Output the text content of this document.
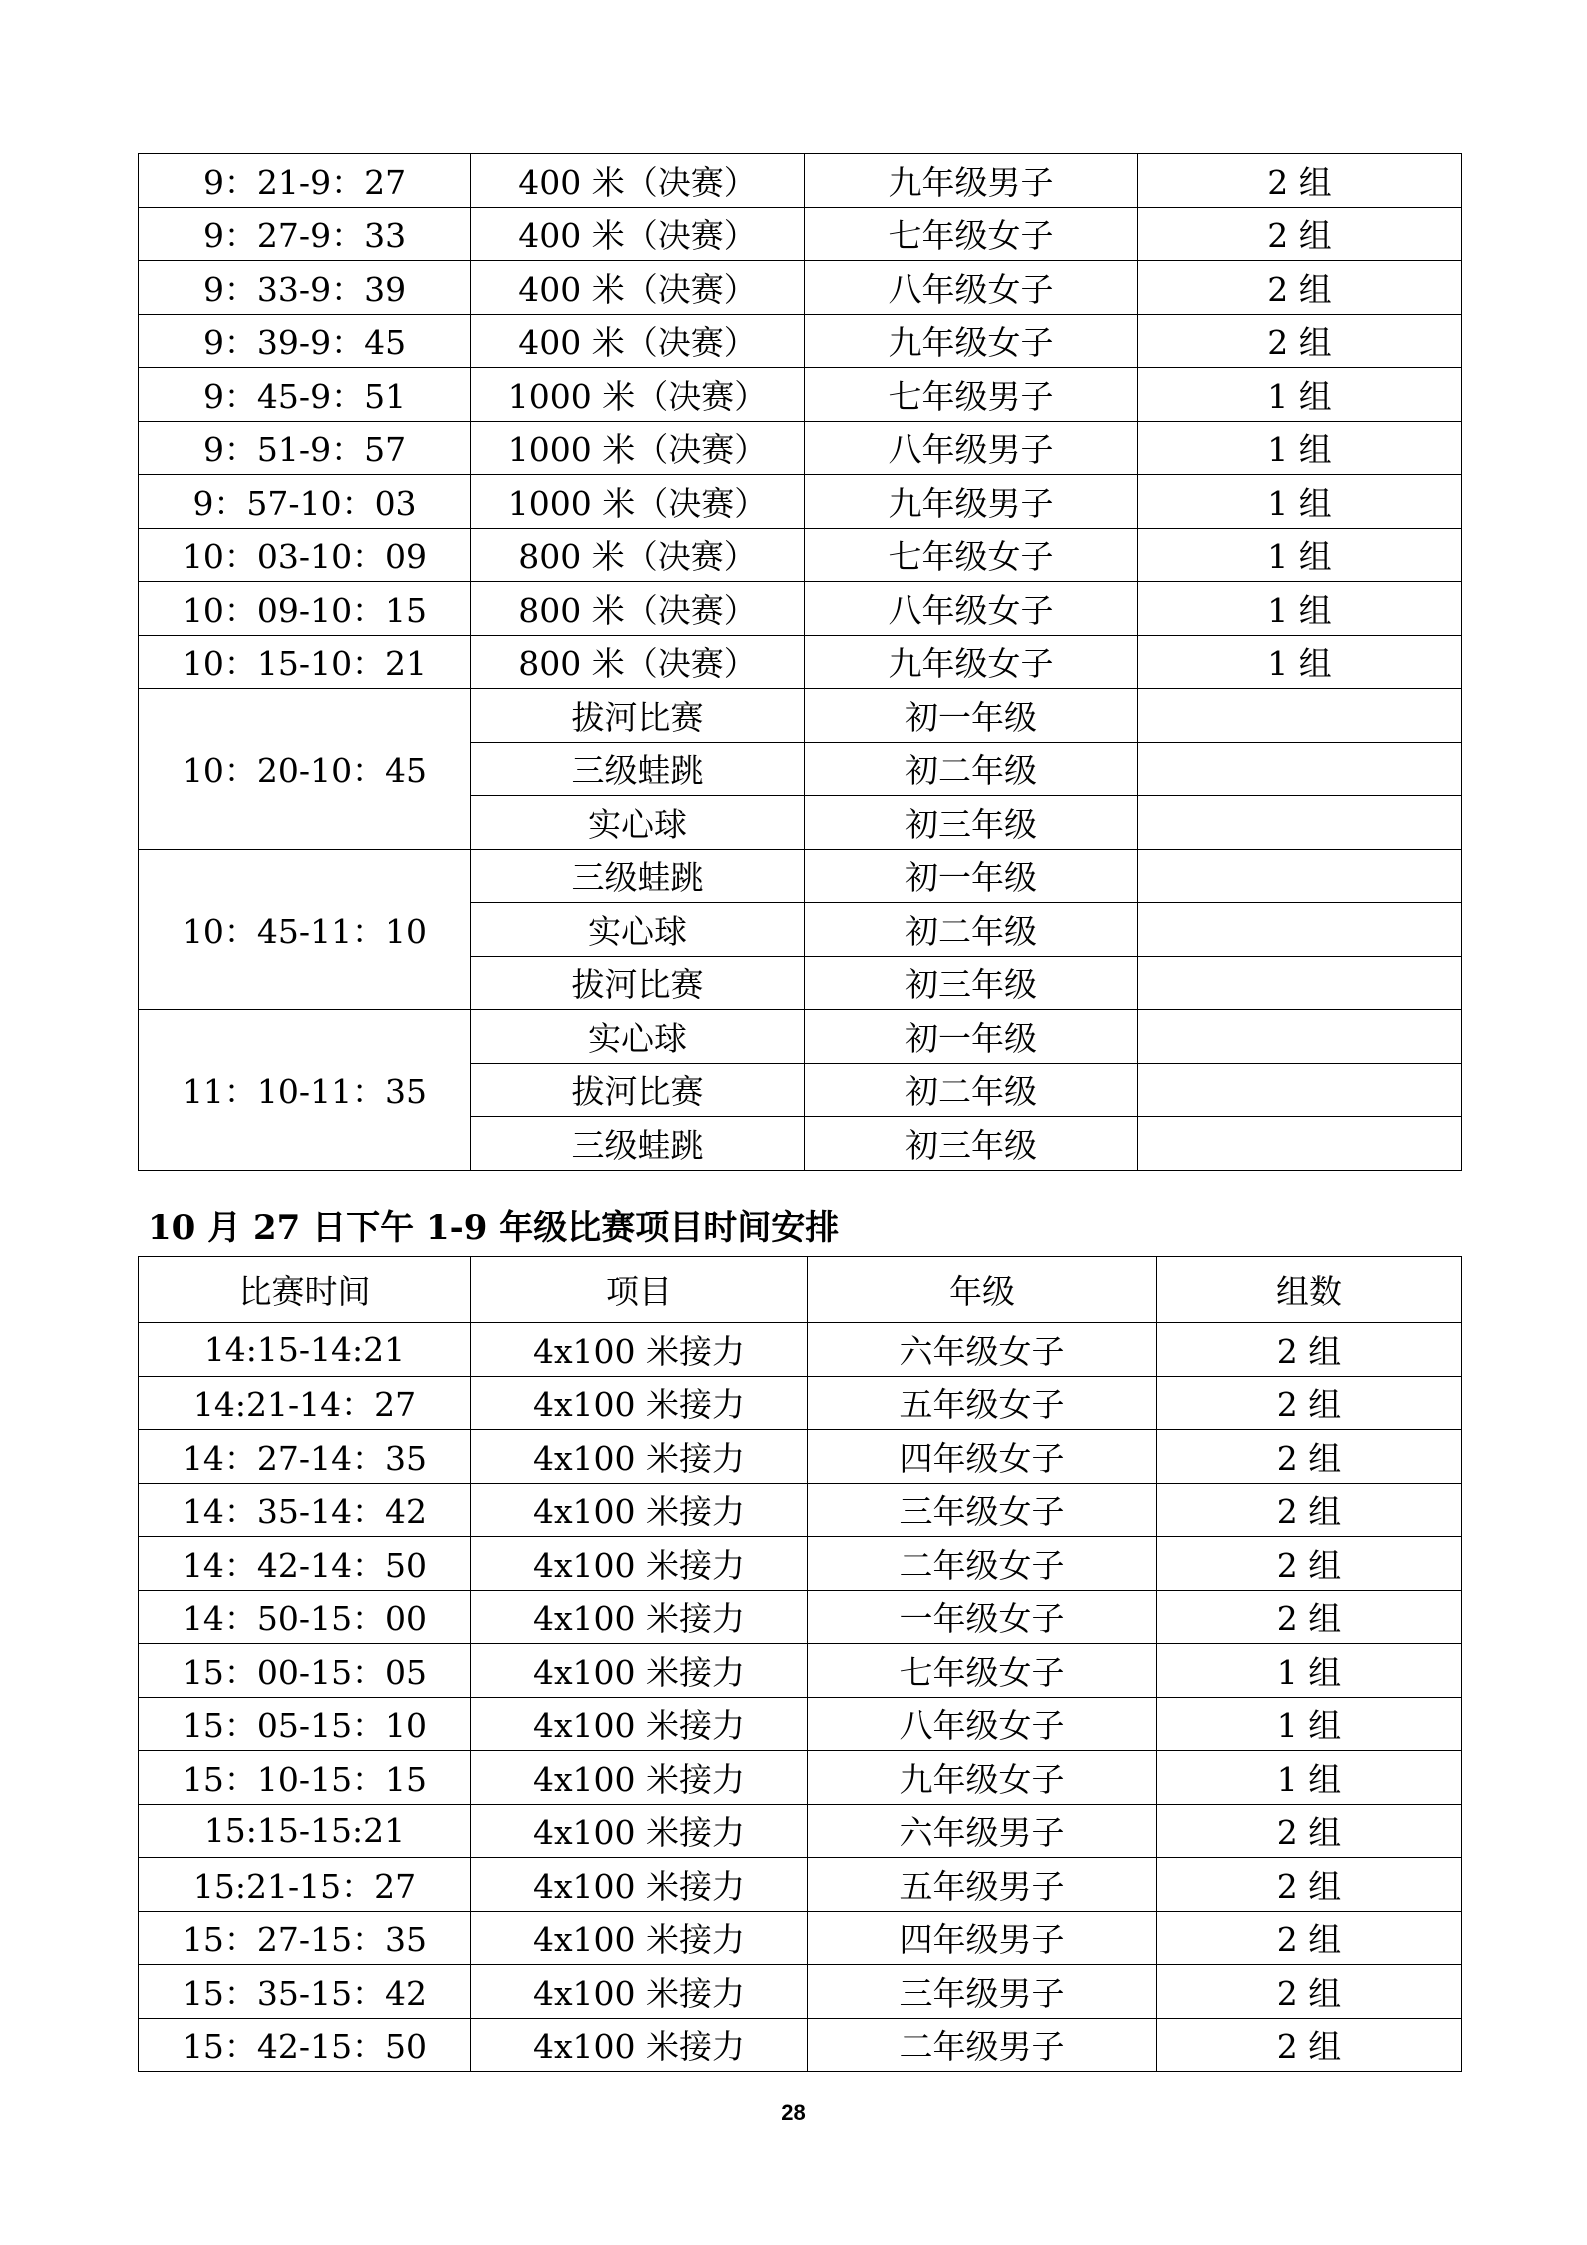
9：21-9：27	400 米（决赛）	九年级男子	2 组
9：27-9：33	400 米（决赛）	七年级女子	2 组
9：33-9：39	400 米（决赛）	八年级女子	2 组
9：39-9：45	400 米（决赛）	九年级女子	2 组
9：45-9：51	1000 米（决赛）	七年级男子	1 组
9：51-9：57	1000 米（决赛）	八年级男子	1 组
9：57-10：03	1000 米（决赛）	九年级男子	1 组
10：03-10：09	800 米（决赛）	七年级女子	1 组
10：09-10：15	800 米（决赛）	八年级女子	1 组
10：15-10：21	800 米（决赛）	九年级女子	1 组
10：20-10：45	拔河比赛	初一年级	
	三级蛙跳	初二年级	
	实心球	初三年级	
10：45-11：10	三级蛙跳	初一年级	
	实心球	初二年级	
	拔河比赛	初三年级	
11：10-11：35	实心球	初一年级	
	拔河比赛	初二年级	
	三级蛙跳	初三年级	
10 月 27 日下午 1-9 年级比赛项目时间安排
比赛时间	项目	年级	组数
14:15-14:21	4x100 米接力	六年级女子	2 组
14:21-14：27	4x100 米接力	五年级女子	2 组
14：27-14：35	4x100 米接力	四年级女子	2 组
14：35-14：42	4x100 米接力	三年级女子	2 组
14：42-14：50	4x100 米接力	二年级女子	2 组
14：50-15：00	4x100 米接力	一年级女子	2 组
15：00-15：05	4x100 米接力	七年级女子	1 组
15：05-15：10	4x100 米接力	八年级女子	1 组
15：10-15：15	4x100 米接力	九年级女子	1 组
15:15-15:21	4x100 米接力	六年级男子	2 组
15:21-15：27	4x100 米接力	五年级男子	2 组
15：27-15：35	4x100 米接力	四年级男子	2 组
15：35-15：42	4x100 米接力	三年级男子	2 组
15：42-15：50	4x100 米接力	二年级男子	2 组
28
